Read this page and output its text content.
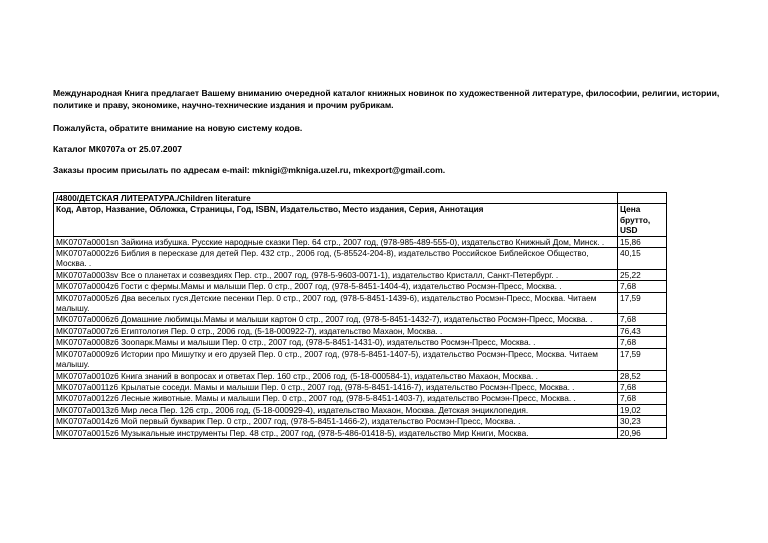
Международная Книга предлагает Вашему вниманию очередной каталог книжных новинок по художественной литературе, философии, религии, истории, политике и праву, экономике, научно-технические издания и прочим рубрикам.

Пожалуйста, обратите внимание на новую систему кодов.

Каталог МК0707а от 25.07.2007

Заказы просим присылать по адресам e-mail: mknigi@mkniga.uzel.ru, mkexport@gmail.com.

/4800/ДЕТСКАЯ ЛИТЕРАТУРА./Children literature	
Код, Автор, Название, Обложка, Страницы, Год, ISBN, Издательство, Место издания, Серия, Аннотация	Цена
брутто,
USD
MK0707a0001sn Зайкина избушка. Русские народные сказки Пер. 64 стр., 2007 год, (978-985-489-555-0), издательство Книжный Дом, Минск. .	15,86
MK0707a0002z6 Библия в пересказе для детей Пер. 432 стр., 2006 год, (5-85524-204-8), издательство Российское Библейское Общество, Москва. .	40,15
MK0707a0003sv Все о планетах и созвездиях Пер. стр., 2007 год, (978-5-9603-0071-1), издательство Кристалл, Санкт-Петербург. .	25,22
MK0707a0004z6 Гости с фермы.Мамы и малыши Пер. 0 стр., 2007 год, (978-5-8451-1404-4), издательство Росмэн-Пресс, Москва. .	7,68
MK0707a0005z6 Два веселых гуся.Детские песенки Пер. 0 стр., 2007 год, (978-5-8451-1439-6), издательство Росмэн-Пресс, Москва. Читаем малышу.	17,59
MK0707a0006z6 Домашние любимцы.Мамы и малыши картон 0 стр., 2007 год, (978-5-8451-1432-7), издательство Росмэн-Пресс, Москва. .	7,68
MK0707a0007z6 Египтология Пер. 0 стр., 2006 год, (5-18-000922-7), издательство Махаон, Москва. .	76,43
MK0707a0008z6 Зоопарк.Мамы и малыши Пер. 0 стр., 2007 год, (978-5-8451-1431-0), издательство Росмэн-Пресс, Москва. .	7,68
MK0707a0009z6 Истории про Мишутку и его друзей Пер. 0 стр., 2007 год, (978-5-8451-1407-5), издательство Росмэн-Пресс, Москва. Читаем малышу.	17,59
MK0707a0010z6 Книга знаний в вопросах и ответах Пер. 160 стр., 2006 год, (5-18-000584-1), издательство Махаон, Москва. .	28,52
MK0707a0011z6 Крылатые соседи. Мамы и малыши Пер. 0 стр., 2007 год, (978-5-8451-1416-7), издательство Росмэн-Пресс, Москва. .	7,68
MK0707a0012z6 Лесные животные. Мамы и малыши Пер. 0 стр., 2007 год, (978-5-8451-1403-7), издательство Росмэн-Пресс, Москва. .	7,68
MK0707a0013z6 Мир леса Пер. 126 стр., 2006 год, (5-18-000929-4), издательство Махаон, Москва. Детская энциклопедия.	19,02
MK0707a0014z6 Мой первый букварик Пер. 0 стр., 2007 год, (978-5-8451-1466-2), издательство Росмэн-Пресс, Москва. .	30,23
MK0707a0015z6 Музыкальные инструменты Пер. 48 стр., 2007 год, (978-5-486-01418-5), издательство Мир Книги, Москва.	20,96
